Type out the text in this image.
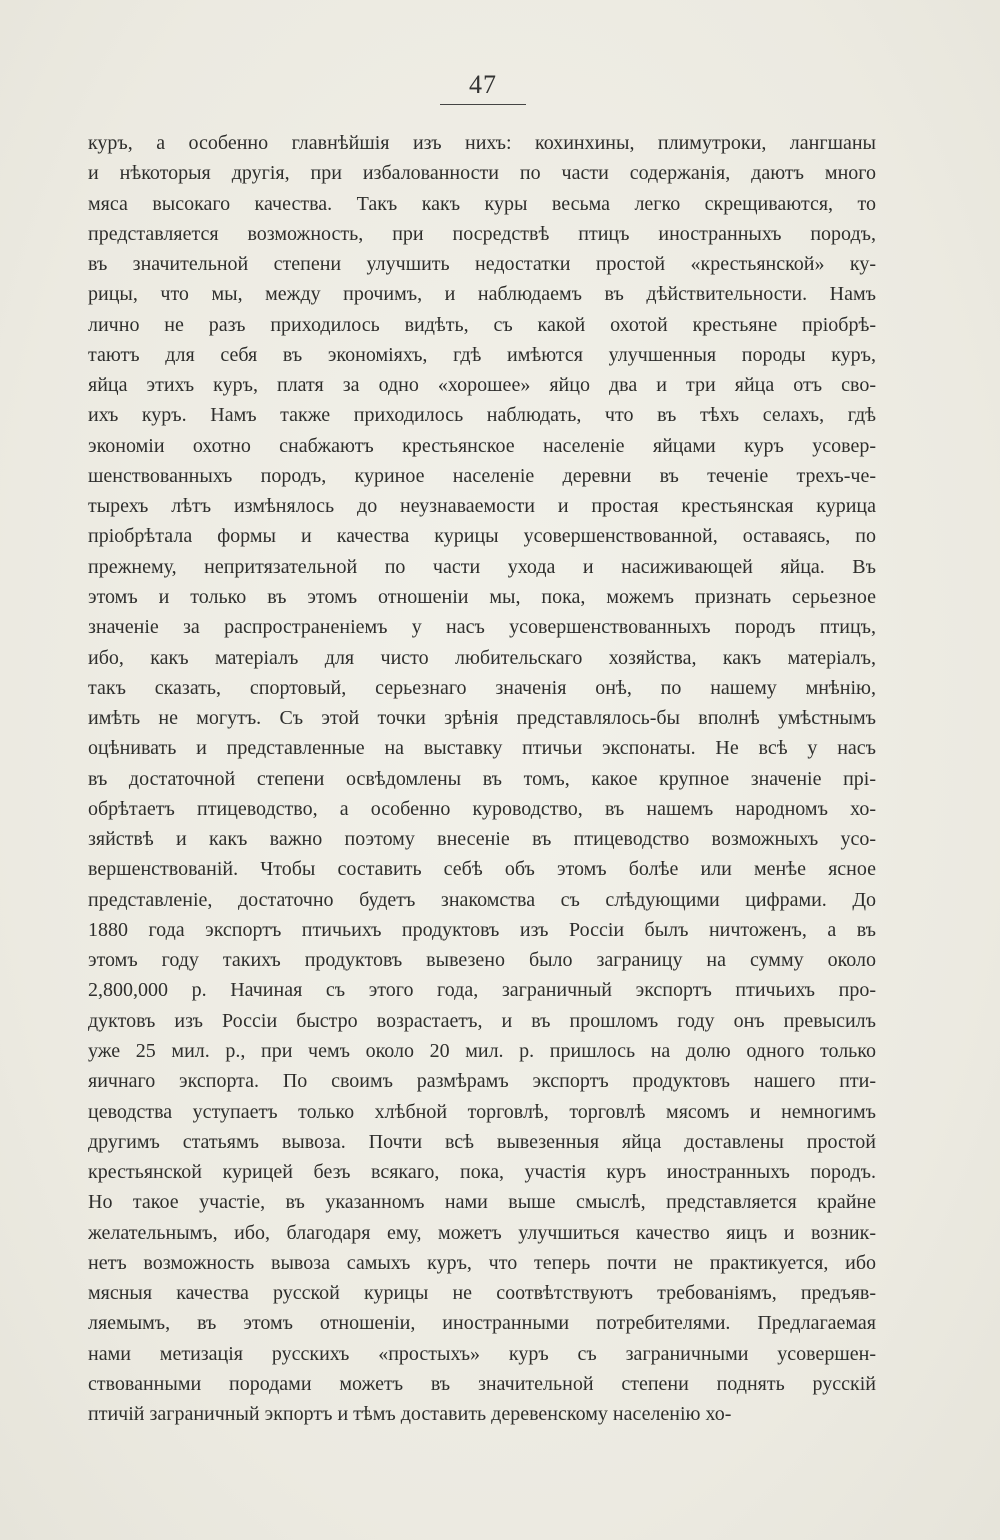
47
куръ, а особенно главнѣйшія изъ нихъ: кохинхины, плимутроки, лангшаны
и нѣкоторыя другія, при избалованности по части содержанія, даютъ много
мяса высокаго качества. Такъ какъ куры весьма легко скрещиваются, то
представляется возможность, при посредствѣ птицъ иностранныхъ породъ,
въ значительной степени улучшить недостатки простой «крестьянской» ку-
рицы, что мы, между прочимъ, и наблюдаемъ въ дѣйствительности. Намъ
лично не разъ приходилось видѣть, съ какой охотой крестьяне пріобрѣ-
таютъ для себя въ экономіяхъ, гдѣ имѣются улучшенныя породы куръ,
яйца этихъ куръ, платя за одно «хорошее» яйцо два и три яйца отъ сво-
ихъ куръ. Намъ также приходилось наблюдать, что въ тѣхъ селахъ, гдѣ
экономіи охотно снабжаютъ крестьянское населеніе яйцами куръ усовер-
шенствованныхъ породъ, куриное населеніе деревни въ теченіе трехъ-че-
тырехъ лѣтъ измѣнялось до неузнаваемости и простая крестьянская курица
пріобрѣтала формы и качества курицы усовершенствованной, оставаясь, по
прежнему, непритязательной по части ухода и насиживающей яйца. Въ
этомъ и только въ этомъ отношеніи мы, пока, можемъ признать серьезное
значеніе за распространеніемъ у насъ усовершенствованныхъ породъ птицъ,
ибо, какъ матеріалъ для чисто любительскаго хозяйства, какъ матеріалъ,
такъ сказать, спортовый, серьезнаго значенія онѣ, по нашему мнѣнію,
имѣть не могутъ. Съ этой точки зрѣнія представлялось-бы вполнѣ умѣстнымъ
оцѣнивать и представленные на выставку птичьи экспонаты. Не всѣ у насъ
въ достаточной степени освѣдомлены въ томъ, какое крупное значеніе прі-
обрѣтаетъ птицеводство, а особенно куроводство, въ нашемъ народномъ хо-
зяйствѣ и какъ важно поэтому внесеніе въ птицеводство возможныхъ усо-
вершенствованій. Чтобы составить себѣ объ этомъ болѣе или менѣе ясное
представленіе, достаточно будетъ знакомства съ слѣдующими цифрами. До
1880 года экспортъ птичьихъ продуктовъ изъ Россіи былъ ничтоженъ, а въ
этомъ году такихъ продуктовъ вывезено было заграницу на сумму около
2,800,000 р. Начиная съ этого года, заграничный экспортъ птичьихъ про-
дуктовъ изъ Россіи быстро возрастаетъ, и въ прошломъ году онъ превысилъ
уже 25 мил. р., при чемъ около 20 мил. р. пришлось на долю одного только
яичнаго экспорта. По своимъ размѣрамъ экспортъ продуктовъ нашего пти-
цеводства уступаетъ только хлѣбной торговлѣ, торговлѣ мясомъ и немногимъ
другимъ статьямъ вывоза. Почти всѣ вывезенныя яйца доставлены простой
крестьянской курицей безъ всякаго, пока, участія куръ иностранныхъ породъ.
Но такое участіе, въ указанномъ нами выше смыслѣ, представляется крайне
желательнымъ, ибо, благодаря ему, можетъ улучшиться качество яицъ и возник-
нетъ возможность вывоза самыхъ куръ, что теперь почти не практикуется, ибо
мясныя качества русской курицы не соотвѣтствуютъ требованіямъ, предъяв-
ляемымъ, въ этомъ отношеніи, иностранными потребителями. Предлагаемая
нами метизація русскихъ «простыхъ» куръ съ заграничными усовершен-
ствованными породами можетъ въ значительной степени поднять русскій
птичій заграничный экпортъ и тѣмъ доставить деревенскому населенію хо-
